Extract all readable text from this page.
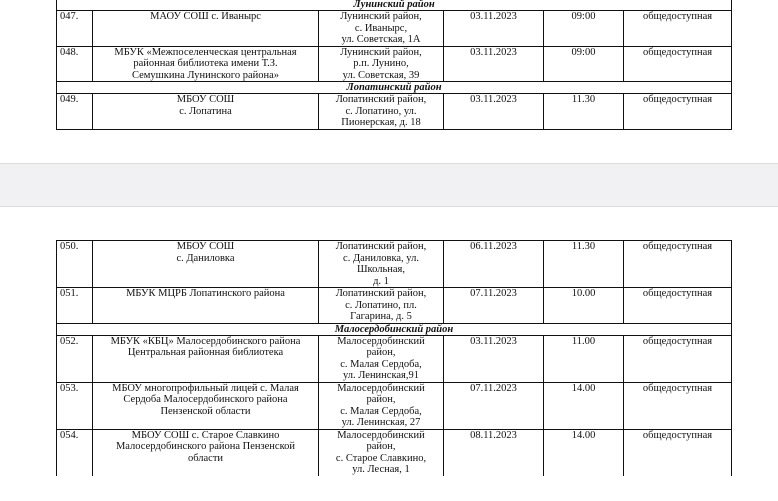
Лунинский район					
047.	МАОУ СОШ с. Иваныpс	Лунинский район,
с. Иваныpс,
ул. Советская, 1А	03.11.2023	09:00	общедоступная
048.	МБУК «Межпоселенческая центральная
районная библиотека имени Т.З.
Семушкина Лунинского района»	Лунинский район,
р.п. Лунино,
ул. Советская, 39	03.11.2023	09:00	общедоступная
Лопатинский район					
049.	МБОУ СОШ
с. Лопатина	Лопатинский район,
с. Лопатино, ул.
Пионерская, д. 18	03.11.2023	11.30	общедоступная
050.	МБОУ СОШ
с. Даниловка	Лопатинский район,
с. Даниловка, ул.
Школьная,
д. 1	06.11.2023	11.30	общедоступная
051.	МБУК МЦРБ Лопатинского района	Лопатинский район,
с. Лопатино, пл.
Гагарина, д. 5	07.11.2023	10.00	общедоступная
Малосердобинский район					
052.	МБУК «КБЦ» Малосердобинского района
Центральная районная библиотека	Малосердобинский
район,
с. Малая Сердоба,
ул. Ленинская,91	03.11.2023	11.00	общедоступная
053.	МБОУ многопрофильный лицей с. Малая
Сердоба Малосердобинского района
Пензенской области	Малосердобинский
район,
с. Малая Сердоба,
ул. Ленинская, 27	07.11.2023	14.00	общедоступная
054.	МБОУ СОШ с. Старое Славкино
Малосердобинского района Пензенской
области	Малосердобинский
район,
с. Старое Славкино,
ул. Лесная, 1	08.11.2023	14.00	общедоступная
